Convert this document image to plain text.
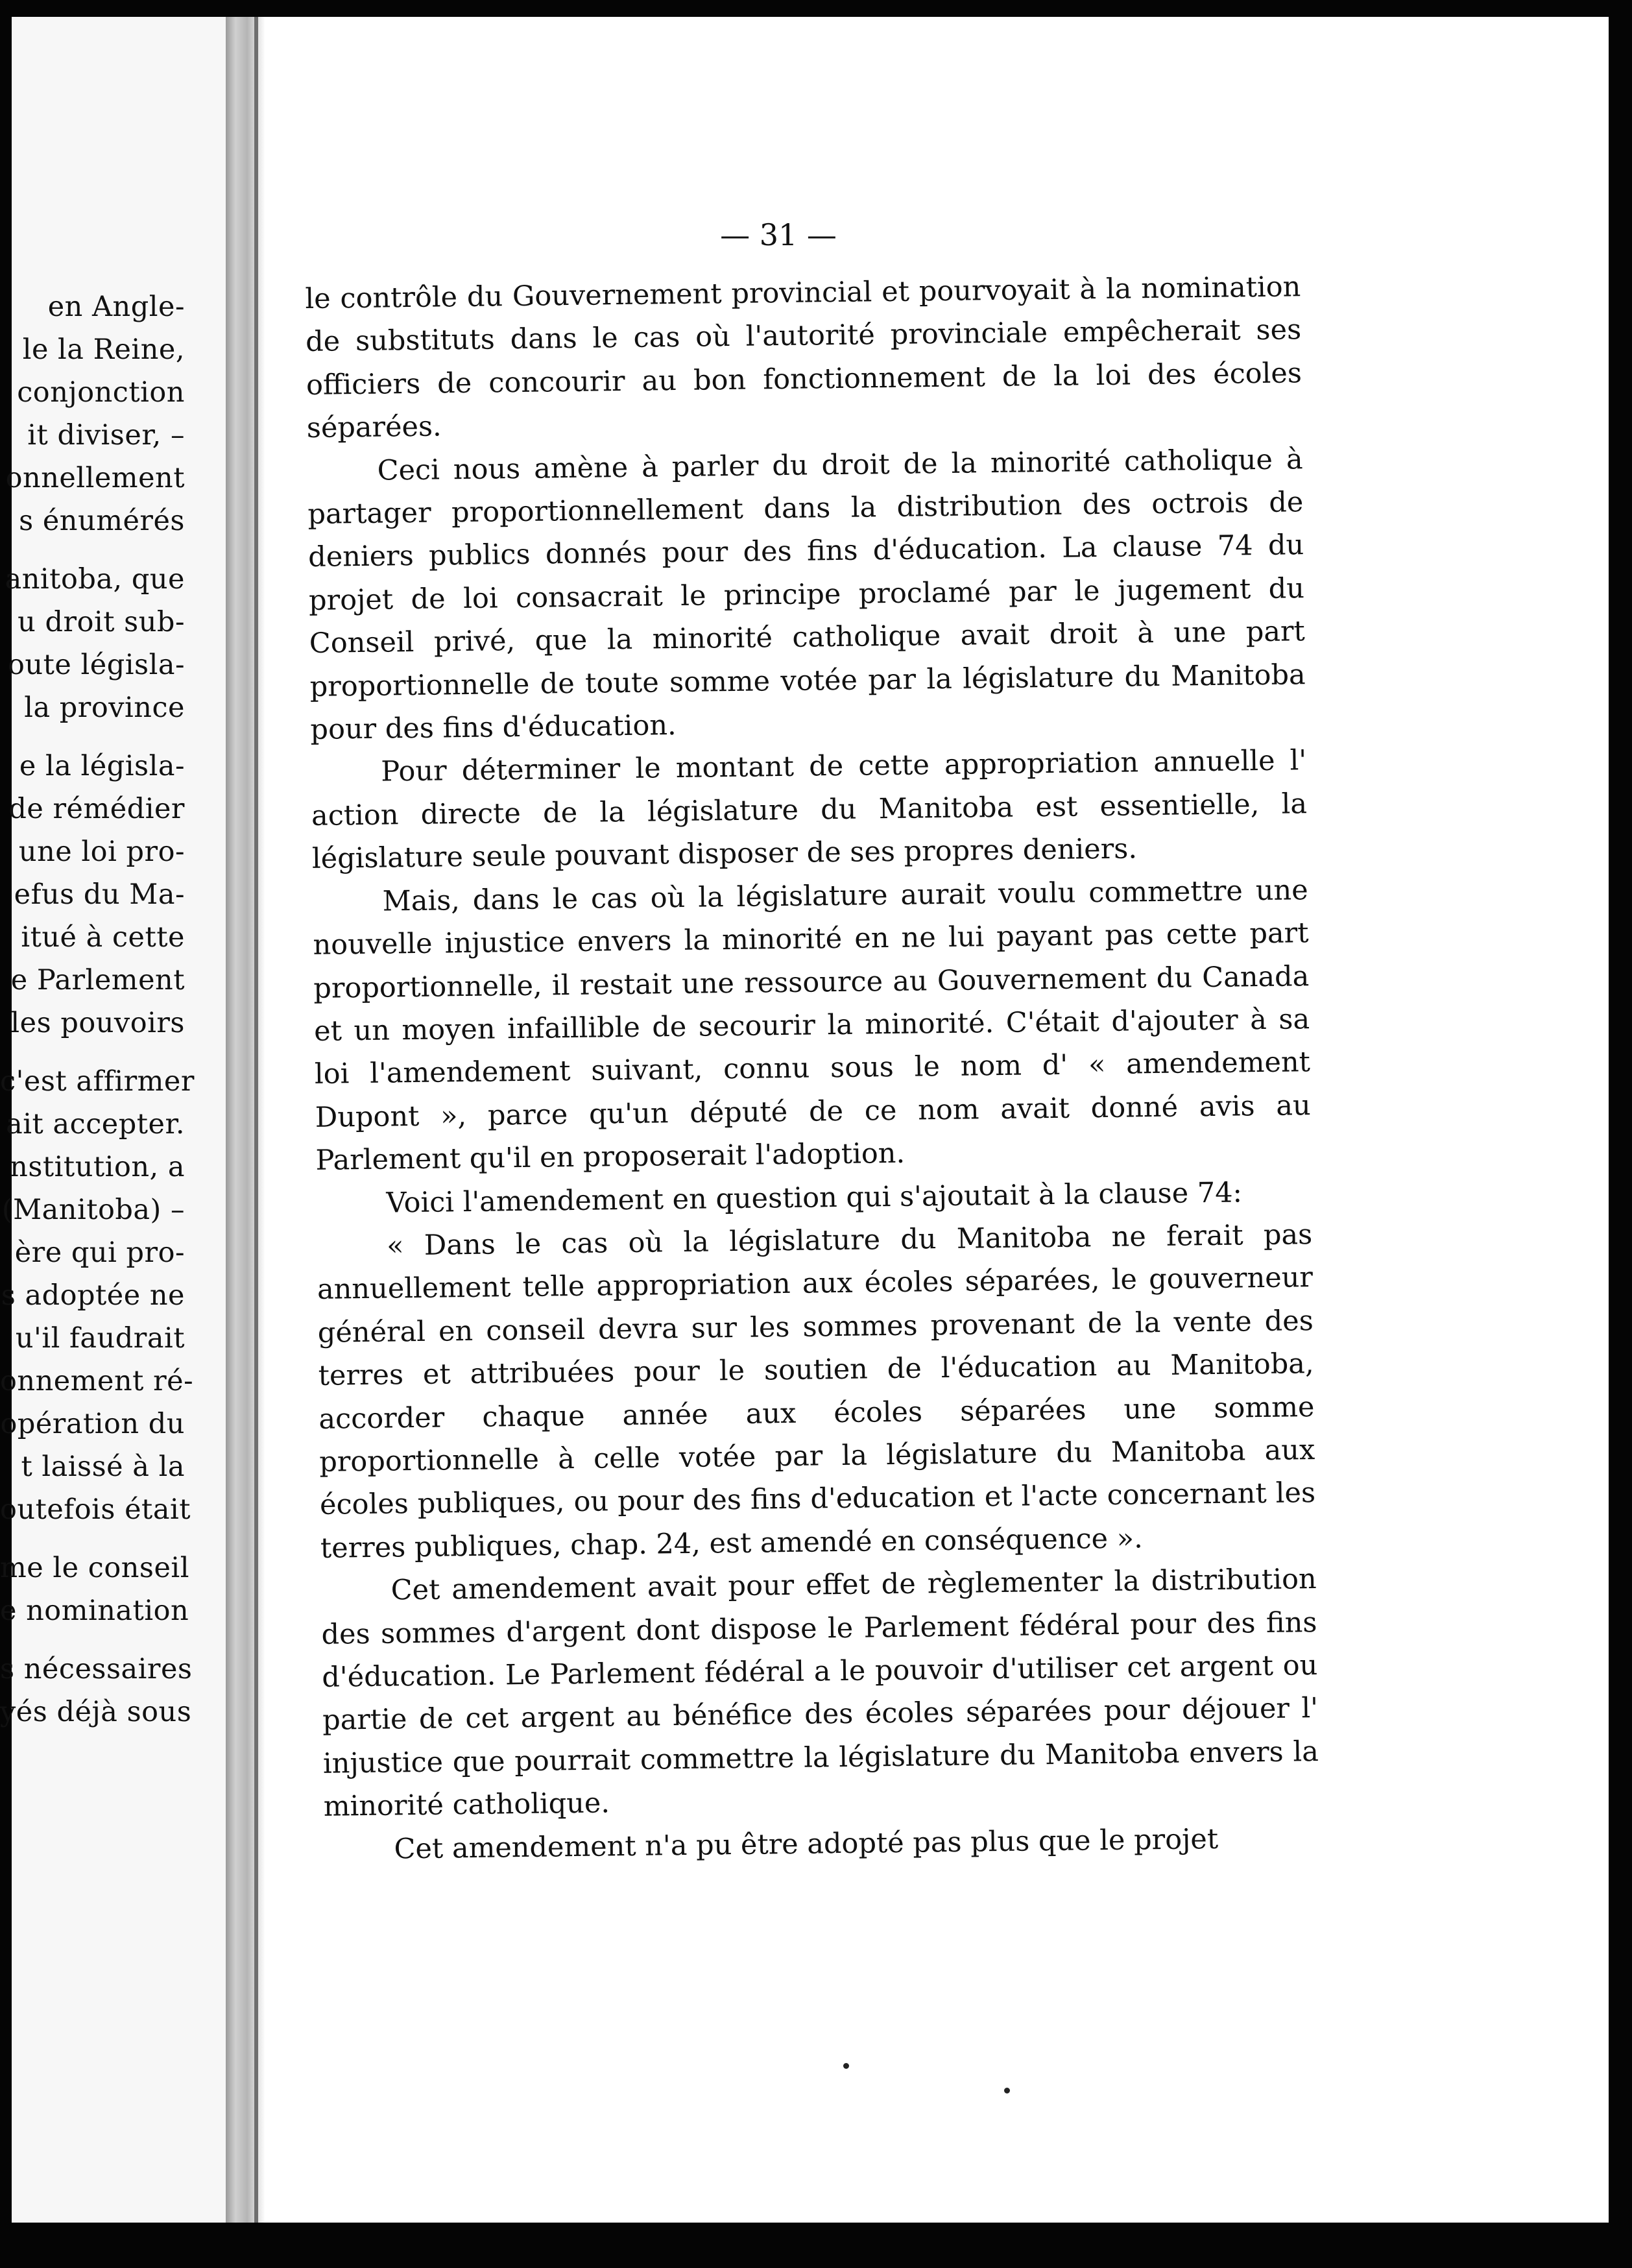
en Angle-
le la Reine,
conjonction
it diviser, –
onnellement
s énumérés
anitoba, que
u droit sub-
oute législa-
la province
e la législa-
de rémédier
une loi pro-
efus du Ma-
itué à cette
e Parlement
les pouvoirs
c'est affirmer
ait accepter.
nstitution, a
(Manitoba) –
ère qui pro-
s adoptée ne
u'il faudrait
onnement ré-
opération du
t laissé à la
outefois était
me le conseil
e nomination
s nécessaires
yés déjà sous
— 31 —

le contrôle du Gouvernement provincial et pourvoyait à la nomination de substituts dans le cas où l'autorité provinciale empêcherait ses officiers de concourir au bon fonctionnement de la loi des écoles séparées.

Ceci nous amène à parler du droit de la minorité catholique à partager proportionnellement dans la distribution des octrois de deniers publics donnés pour des fins d'éducation. La clause 74 du projet de loi consacrait le principe proclamé par le jugement du Conseil privé, que la minorité catholique avait droit à une part proportionnelle de toute somme votée par la législature du Manitoba pour des fins d'éducation.

Pour déterminer le montant de cette appropriation annuelle l' action directe de la législature du Manitoba est essentielle, la législature seule pouvant disposer de ses propres deniers.

Mais, dans le cas où la législature aurait voulu commettre une nouvelle injustice envers la minorité en ne lui payant pas cette part proportionnelle, il restait une ressource au Gouvernement du Canada et un moyen infaillible de secourir la minorité. C'était d'ajouter à sa loi l'amendement suivant, connu sous le nom d' « amendement Dupont », parce qu'un député de ce nom avait donné avis au Parlement qu'il en proposerait l'adoption.

Voici l'amendement en question qui s'ajoutait à la clause 74:

« Dans le cas où la législature du Manitoba ne ferait pas annuellement telle appropriation aux écoles séparées, le gouverneur général en conseil devra sur les sommes provenant de la vente des terres et attribuées pour le soutien de l'éducation au Manitoba, accorder chaque année aux écoles séparées une somme proportionnelle à celle votée par la législature du Manitoba aux écoles publiques, ou pour des fins d'education et l'acte concernant les terres publiques, chap. 24, est amendé en conséquence ».

Cet amendement avait pour effet de règlementer la distribution des sommes d'argent dont dispose le Parlement fédéral pour des fins d'éducation. Le Parlement fédéral a le pouvoir d'utiliser cet argent ou partie de cet argent au bénéfice des écoles séparées pour déjouer l' injustice que pourrait commettre la législature du Manitoba envers la minorité catholique.

Cet amendement n'a pu être adopté pas plus que le projet
